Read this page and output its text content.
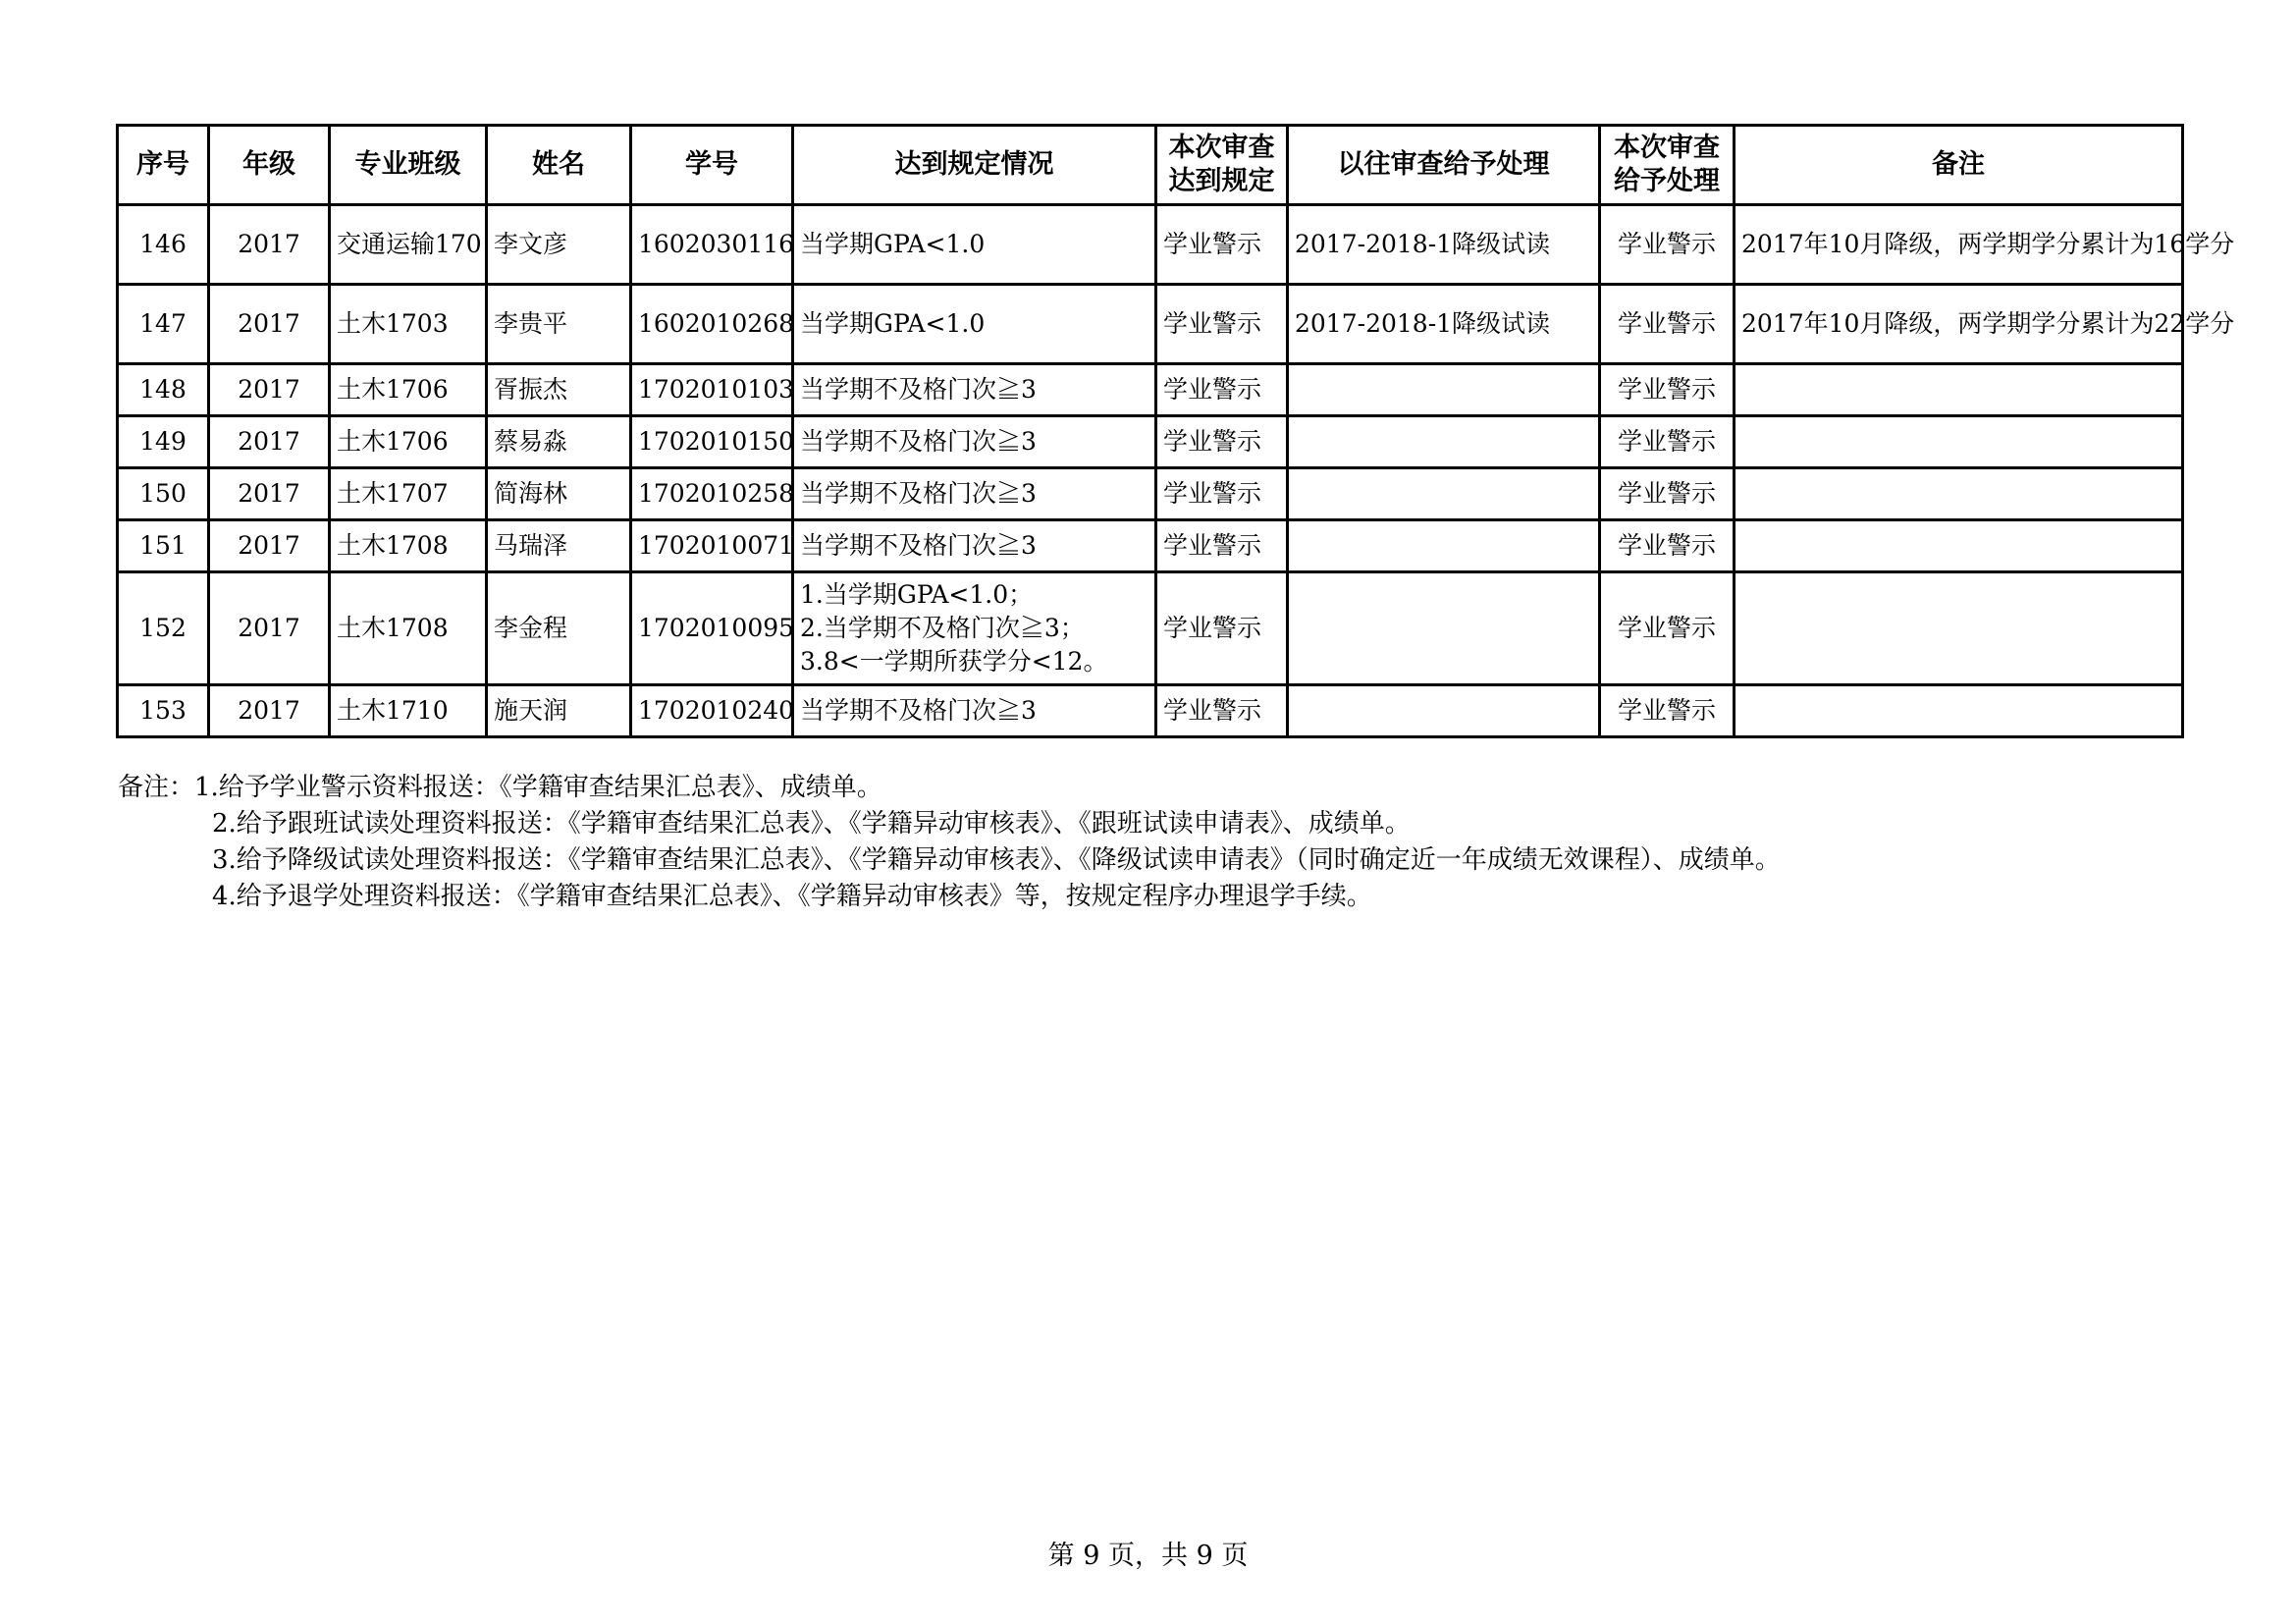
序号	年级	专业班级	姓名	学号	达到规定情况	本次审查达到规定	以往审查给予处理	本次审查给予处理	备注
146	2017	交通运输170	李文彦	1602030116	当学期GPA<1.0	学业警示	2017-2018-1降级试读	学业警示	2017年10月降级，两学期学分累计为16学分
147	2017	土木1703	李贵平	1602010268	当学期GPA<1.0	学业警示	2017-2018-1降级试读	学业警示	2017年10月降级，两学期学分累计为22学分
148	2017	土木1706	胥振杰	1702010103	当学期不及格门次≧3	学业警示		学业警示	
149	2017	土木1706	蔡易淼	1702010150	当学期不及格门次≧3	学业警示		学业警示	
150	2017	土木1707	简海林	1702010258	当学期不及格门次≧3	学业警示		学业警示	
151	2017	土木1708	马瑞泽	1702010071	当学期不及格门次≧3	学业警示		学业警示	
152	2017	土木1708	李金程	1702010095	1.当学期GPA<1.0；
2.当学期不及格门次≧3；
3.8<一学期所获学分<12。	学业警示		学业警示	
153	2017	土木1710	施天润	1702010240	当学期不及格门次≧3	学业警示		学业警示	
备注：1.给予学业警示资料报送：《学籍审查结果汇总表》、成绩单。
2.给予跟班试读处理资料报送：《学籍审查结果汇总表》、《学籍异动审核表》、《跟班试读申请表》、成绩单。
3.给予降级试读处理资料报送：《学籍审查结果汇总表》、《学籍异动审核表》、《降级试读申请表》（同时确定近一年成绩无效课程）、成绩单。
4.给予退学处理资料报送：《学籍审查结果汇总表》、《学籍异动审核表》等，按规定程序办理退学手续。
第 9 页，共 9 页
